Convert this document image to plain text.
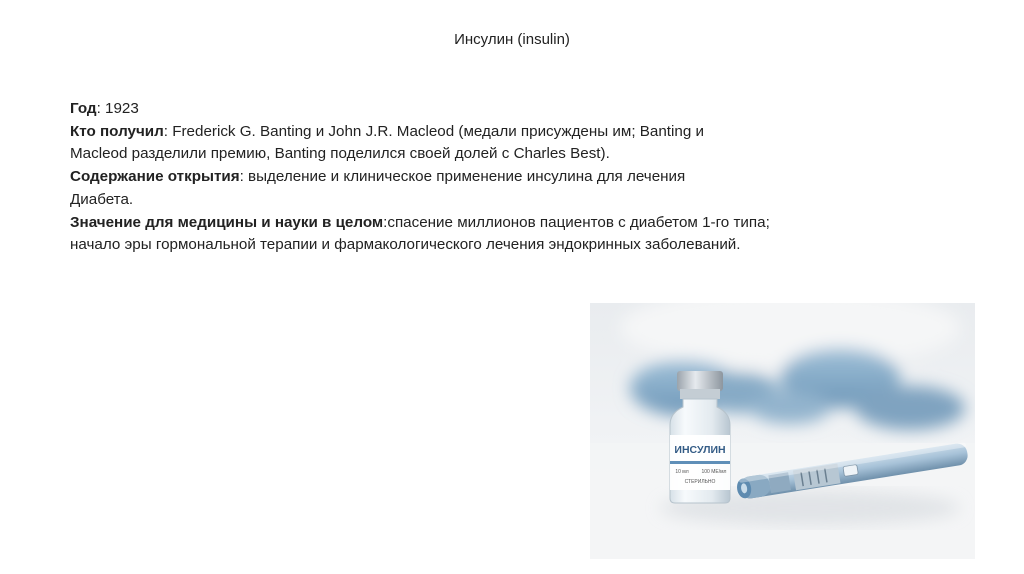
Инсулин (insulin)

Год: 1923

Кто получил: Frederick G. Banting и John J.R. Macleod (медали присуждены им; Banting и

Macleod разделили премию, Banting поделился своей долей с Charles Best).

Содержание открытия: выделение и клиническое применение инсулина для лечения

Диабета.

Значение для медицины и науки в целом:спасение миллионов пациентов с диабетом 1-го типа;

начало эры гормональной терапии и фармакологического лечения эндокринных заболеваний.

ИНСУЛИН
10 мл	100 МЕ/мл
СТЕРИЛЬНО
